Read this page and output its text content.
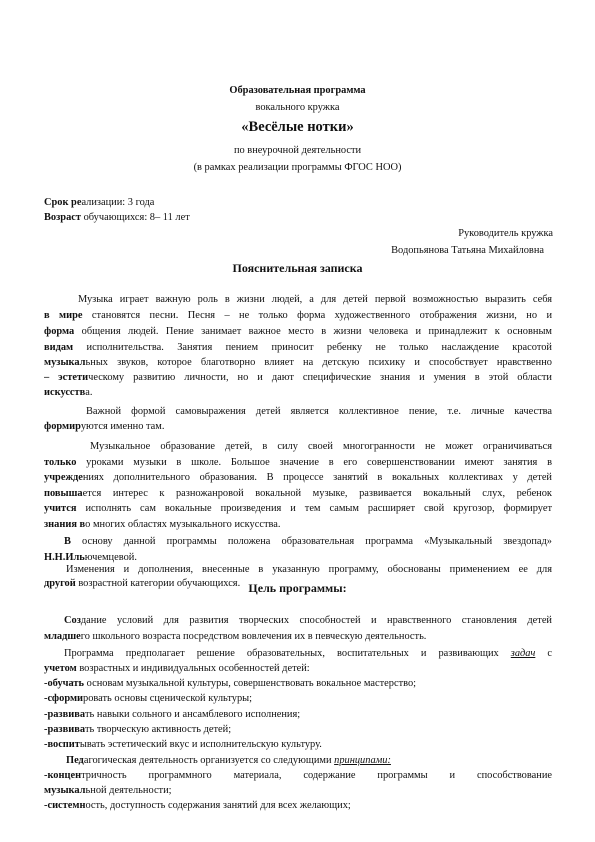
Образовательная программа
вокального кружка
«Весёлые нотки»
по внеурочной деятельности
(в рамках реализации программы ФГОС НОО)
Срок реализации: 3 года
Возраст обучающихся: 8– 11 лет
Руководитель кружка
Водопьянова Татьяна Михайловна
Пояснительная записка
Музыка играет важную роль в жизни людей, а для детей первой возможностью выразить себя
в мире становятся песни. Песня – не только форма художественного отображения жизни, но и
форма общения людей. Пение занимает важное место в жизни человека и принадлежит к основным
видам исполнительства. Занятия пением приносит ребенку не только наслаждение красотой
музыкальных звуков, которое благотворно влияет на детскую психику и способствует нравственно
– эстетическому развитию личности, но и дают специфические знания и умения в этой области
искусства.
Важной формой самовыражения детей является коллективное пение, т.е. личные качества
формируются именно там.
Музыкальное образование детей, в силу своей многогранности не может ограничиваться
только уроками музыки в школе. Большое значение в его совершенствовании имеют занятия в
учреждениях дополнительного образования. В процессе занятий в вокальных коллективах у детей
повышается интерес к разножанровой вокальной музыке, развивается вокальный слух, ребенок
учится исполнять сам вокальные произведения и тем самым расширяет свой кругозор, формирует
знания во многих областях музыкального искусства.
В основу данной программы положена образовательная программа «Музыкальный звездопад»
Н.Н.Ильючемцевой.
Изменения и дополнения, внесенные в указанную программу, обоснованы применением ее для
другой возрастной категории обучающихся. Цель программы:
Создание условий для развития творческих способностей и нравственного становления детей
младшего школьного возраста посредством вовлечения их в певческую деятельность.
Программа предполагает решение образовательных, воспитательных и развивающих задач с
учетом возрастных и индивидуальных особенностей детей:
-обучать основам музыкальной культуры, совершенствовать вокальное мастерство;
-сформировать основы сценической культуры;
-развивать навыки сольного и ансамблевого исполнения;
-развивать творческую активность детей;
-воспитывать эстетический вкус и исполнительскую культуру.
Педагогическая деятельность организуется со следующими принципами:
-концентричность программного материала, содержание программы и способствование
музыкальной деятельности;
-системность, доступность содержания занятий для всех желающих;
